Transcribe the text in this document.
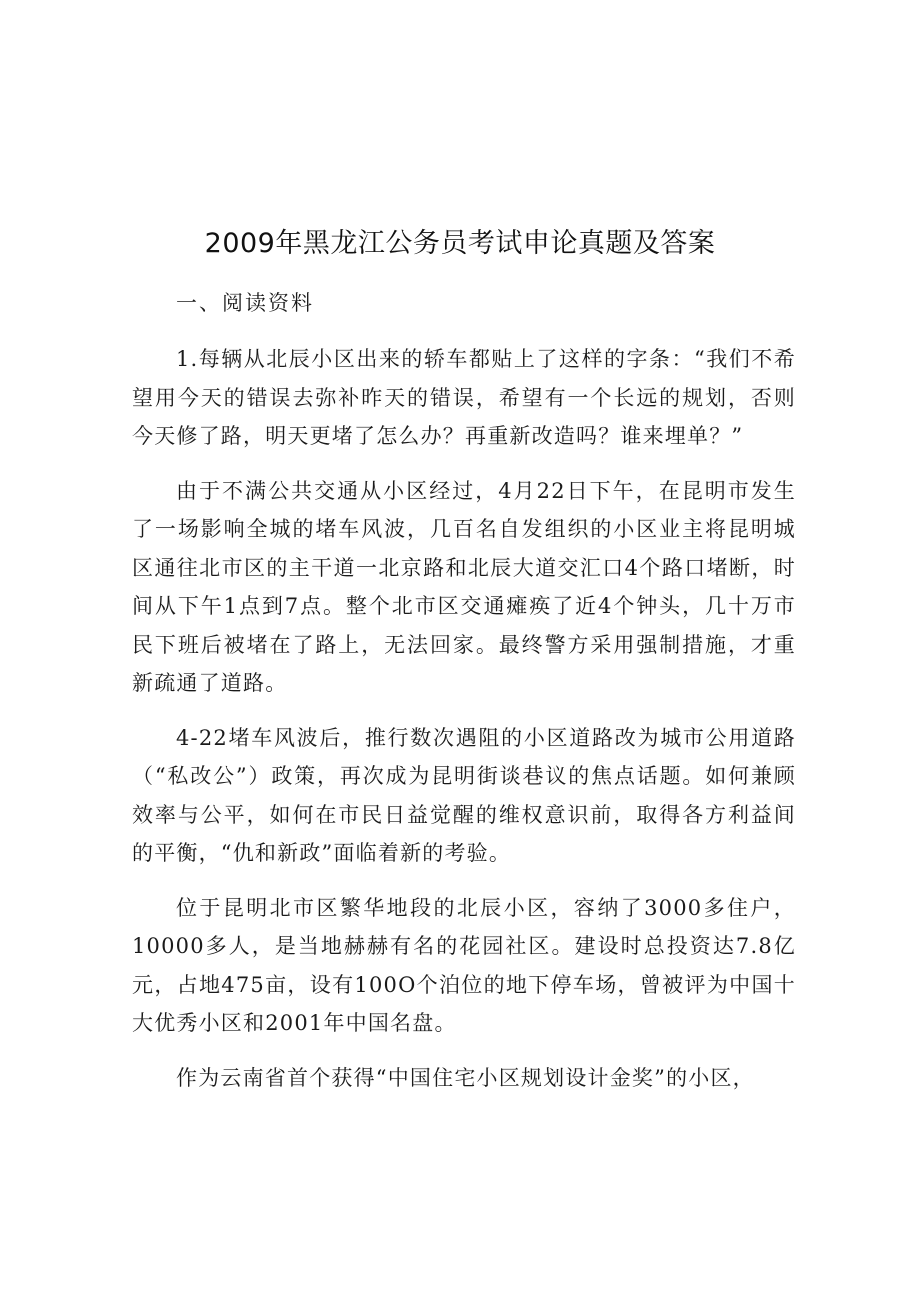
2009年黑龙江公务员考试申论真题及答案
一、阅读资料

1.每辆从北辰小区出来的轿车都贴上了这样的字条：“我们不希望用今天的错误去弥补昨天的错误，希望有一个长远的规划，否则今天修了路，明天更堵了怎么办？再重新改造吗？谁来埋单？”

由于不满公共交通从小区经过，4月22日下午，在昆明市发生了一场影响全城的堵车风波，几百名自发组织的小区业主将昆明城区通往北市区的主干道一北京路和北辰大道交汇口4个路口堵断，时间从下午1点到7点。整个北市区交通瘫痪了近4个钟头，几十万市民下班后被堵在了路上，无法回家。最终警方采用强制措施，才重新疏通了道路。

4-22堵车风波后，推行数次遇阻的小区道路改为城市公用道路（“私改公”）政策，再次成为昆明街谈巷议的焦点话题。如何兼顾效率与公平，如何在市民日益觉醒的维权意识前，取得各方利益间的平衡，“仇和新政”面临着新的考验。

位于昆明北市区繁华地段的北辰小区，容纳了3000多住户，10000多人，是当地赫赫有名的花园社区。建设时总投资达7.8亿元，占地475亩，设有100O个泊位的地下停车场，曾被评为中国十大优秀小区和2001年中国名盘。

作为云南省首个获得“中国住宅小区规划设计金奖”的小区，
